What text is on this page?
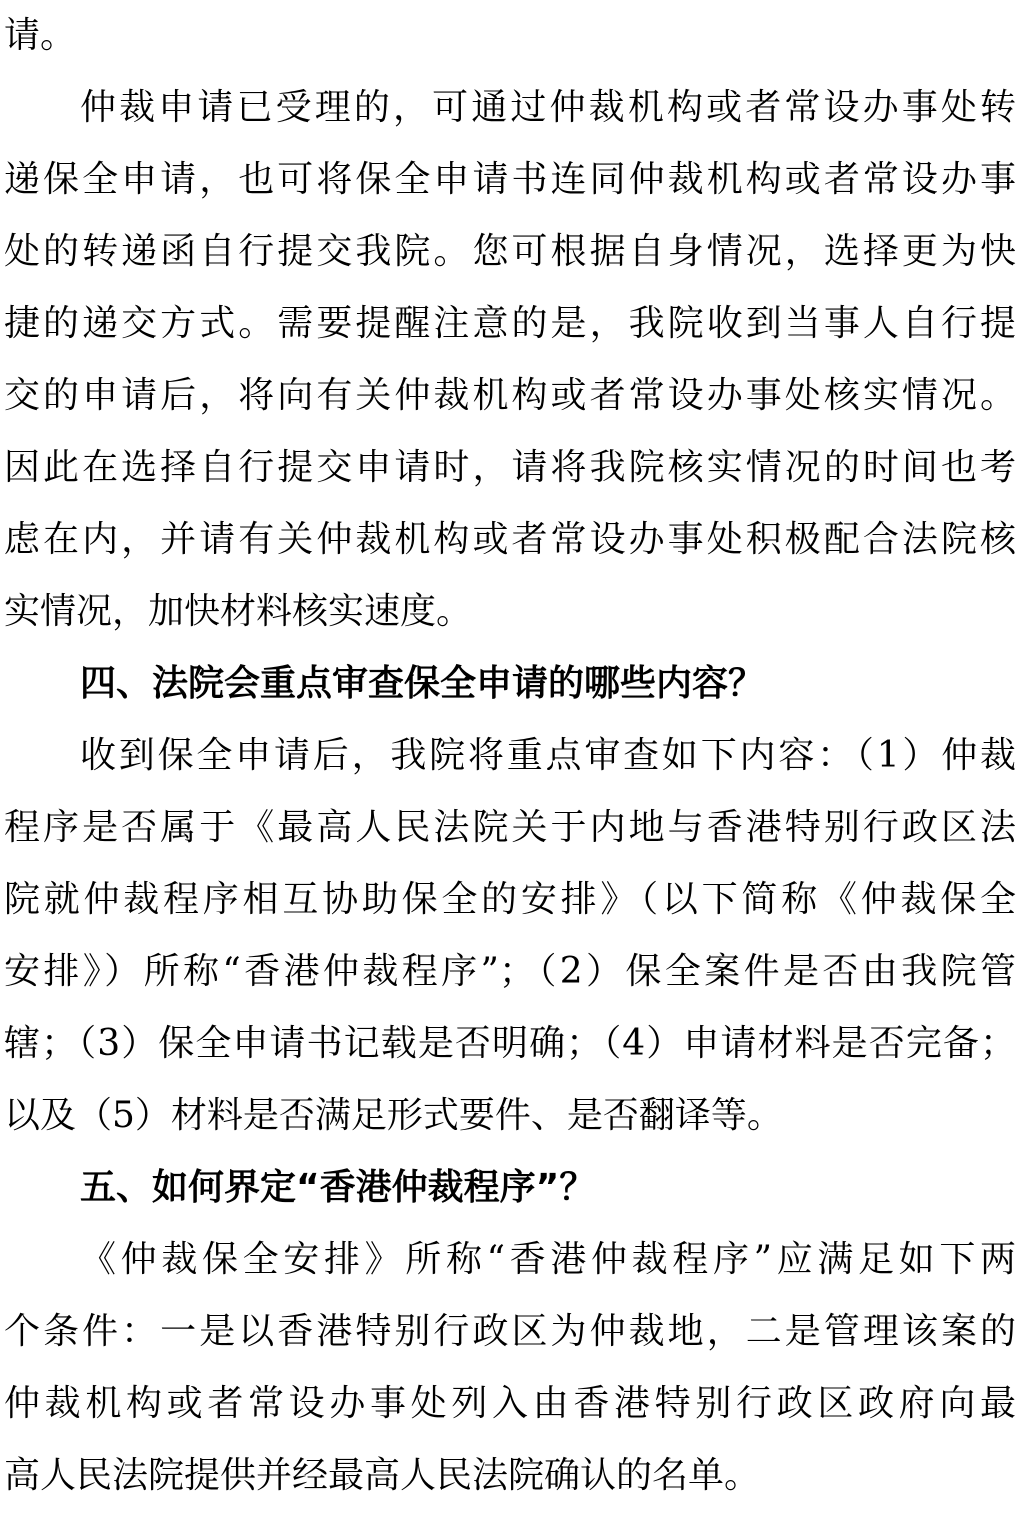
请。
仲裁申请已受理的，可通过仲裁机构或者常设办事处转
递保全申请，也可将保全申请书连同仲裁机构或者常设办事
处的转递函自行提交我院。您可根据自身情况，选择更为快
捷的递交方式。需要提醒注意的是，我院收到当事人自行提
交的申请后，将向有关仲裁机构或者常设办事处核实情况。
因此在选择自行提交申请时，请将我院核实情况的时间也考
虑在内，并请有关仲裁机构或者常设办事处积极配合法院核
实情况，加快材料核实速度。
四、法院会重点审查保全申请的哪些内容？
收到保全申请后，我院将重点审查如下内容：（1）仲裁
程序是否属于《最高人民法院关于内地与香港特别行政区法
院就仲裁程序相互协助保全的安排》（以下简称《仲裁保全
安排》）所称“香港仲裁程序”；（2）保全案件是否由我院管
辖；（3）保全申请书记载是否明确；（4）申请材料是否完备；
以及（5）材料是否满足形式要件、是否翻译等。
五、如何界定“香港仲裁程序”？
《仲裁保全安排》所称“香港仲裁程序”应满足如下两
个条件：一是以香港特别行政区为仲裁地，二是管理该案的
仲裁机构或者常设办事处列入由香港特别行政区政府向最
高人民法院提供并经最高人民法院确认的名单。
